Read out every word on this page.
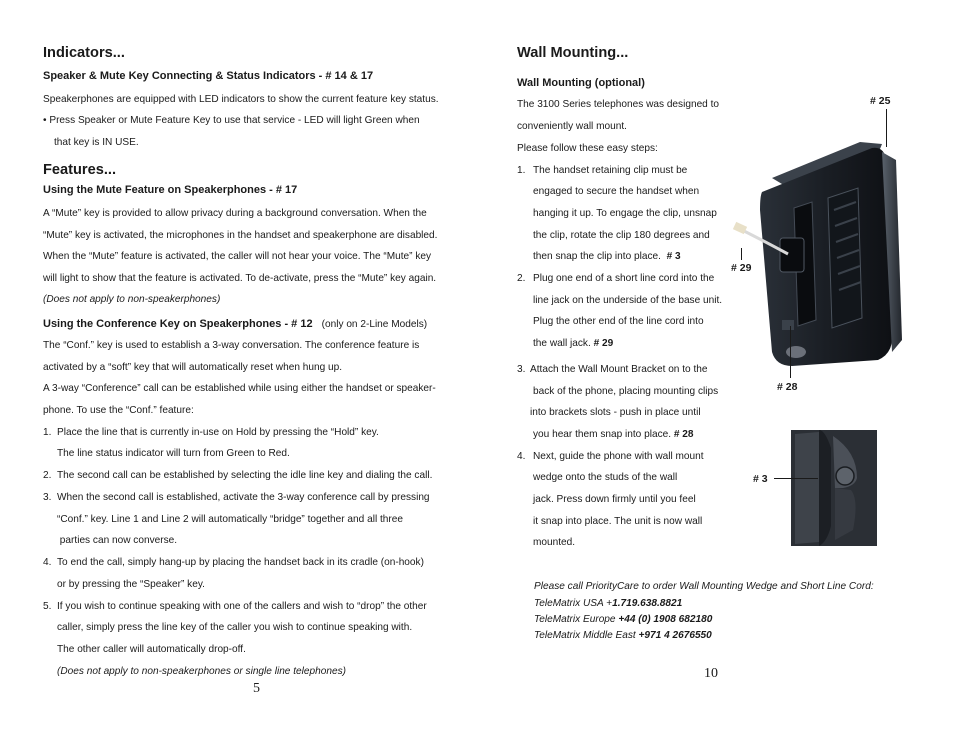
Indicators...
Speaker & Mute Key Connecting & Status Indicators - # 14 & 17
Speakerphones are equipped with LED indicators to show the current feature key status.
• Press Speaker or Mute Feature Key to use that service - LED will light Green when
that key is IN USE.
Features...
Using the Mute Feature on Speakerphones - # 17
A “Mute” key is provided to allow privacy during a background conversation. When the
“Mute” key is activated, the microphones in the handset and speakerphone are disabled.
When the “Mute” feature is activated, the caller will not hear your voice. The “Mute” key
will light to show that the feature is activated. To de-activate, press the “Mute” key again.
(Does not apply to non-speakerphones)
Using the Conference Key on Speakerphones - # 12 (only on 2-Line Models)
The “Conf.” key is used to establish a 3-way conversation. The conference feature is
activated by a “soft” key that will automatically reset when hung up.
A 3-way “Conference” call can be established while using either the handset or speaker-
phone. To use the “Conf.” feature:
1. Place the line that is currently in-use on Hold by pressing the “Hold” key.
The line status indicator will turn from Green to Red.
2. The second call can be established by selecting the idle line key and dialing the call.
3. When the second call is established, activate the 3-way conference call by pressing
“Conf.” key. Line 1 and Line 2 will automatically “bridge” together and all three
parties can now converse.
4. To end the call, simply hang-up by placing the handset back in its cradle (on-hook)
or by pressing the “Speaker” key.
5. If you wish to continue speaking with one of the callers and wish to “drop” the other
caller, simply press the line key of the caller you wish to continue speaking with.
The other caller will automatically drop-off.
(Does not apply to non-speakerphones or single line telephones)
5
Wall Mounting...
Wall Mounting (optional)
The 3100 Series telephones was designed to
conveniently wall mount.
Please follow these easy steps:
1. The handset retaining clip must be
engaged to secure the handset when
hanging it up. To engage the clip, unsnap
the clip, rotate the clip 180 degrees and
then snap the clip into place. # 3
2. Plug one end of a short line cord into the
line jack on the underside of the base unit.
Plug the other end of the line cord into
the wall jack. # 29
3. Attach the Wall Mount Bracket on to the
back of the phone, placing mounting clips
into brackets slots - push in place until
you hear them snap into place. # 28
4. Next, guide the phone with wall mount
wedge onto the studs of the wall
jack. Press down firmly until you feel
it snap into place. The unit is now wall
mounted.
Please call PriorityCare to order Wall Mounting Wedge and Short Line Cord:
TeleMatrix USA +1.719.638.8821
TeleMatrix Europe +44 (0) 1908 682180
TeleMatrix Middle East +971 4 2676550
10
# 25
# 29
# 28
# 3
